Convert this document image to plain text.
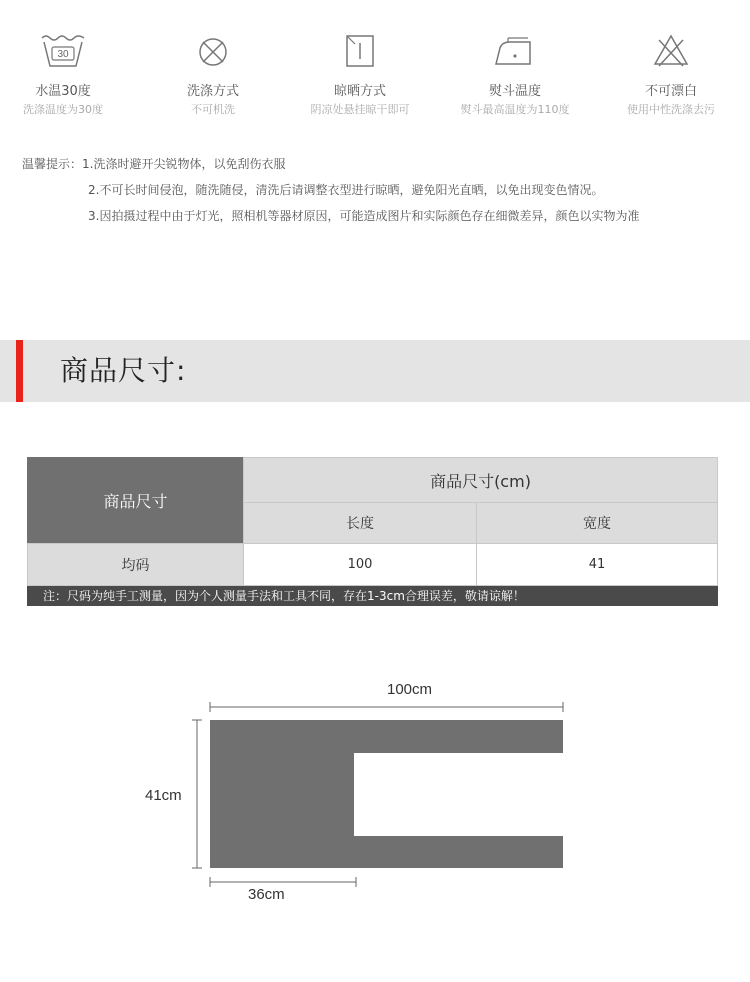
30
水温30度
洗涤温度为30度
洗涤方式
不可机洗
晾晒方式
阴凉处悬挂晾干即可
熨斗温度
熨斗最高温度为110度
不可漂白
使用中性洗涤去污
温馨提示：1.洗涤时避开尖锐物体，以免刮伤衣服
2.不可长时间侵泡，随洗随侵，清洗后请调整衣型进行晾晒，避免阳光直晒，以免出现变色情况。
3.因拍摄过程中由于灯光，照相机等器材原因，可能造成图片和实际颜色存在细微差异，颜色以实物为准
商品尺寸:
商品尺寸
商品尺寸(cm)
长度	宽度
均码	100	41
注：尺码为纯手工测量，因为个人测量手法和工具不同，存在1-3cm合理误差，敬请谅解！
100cm
41cm
36cm
